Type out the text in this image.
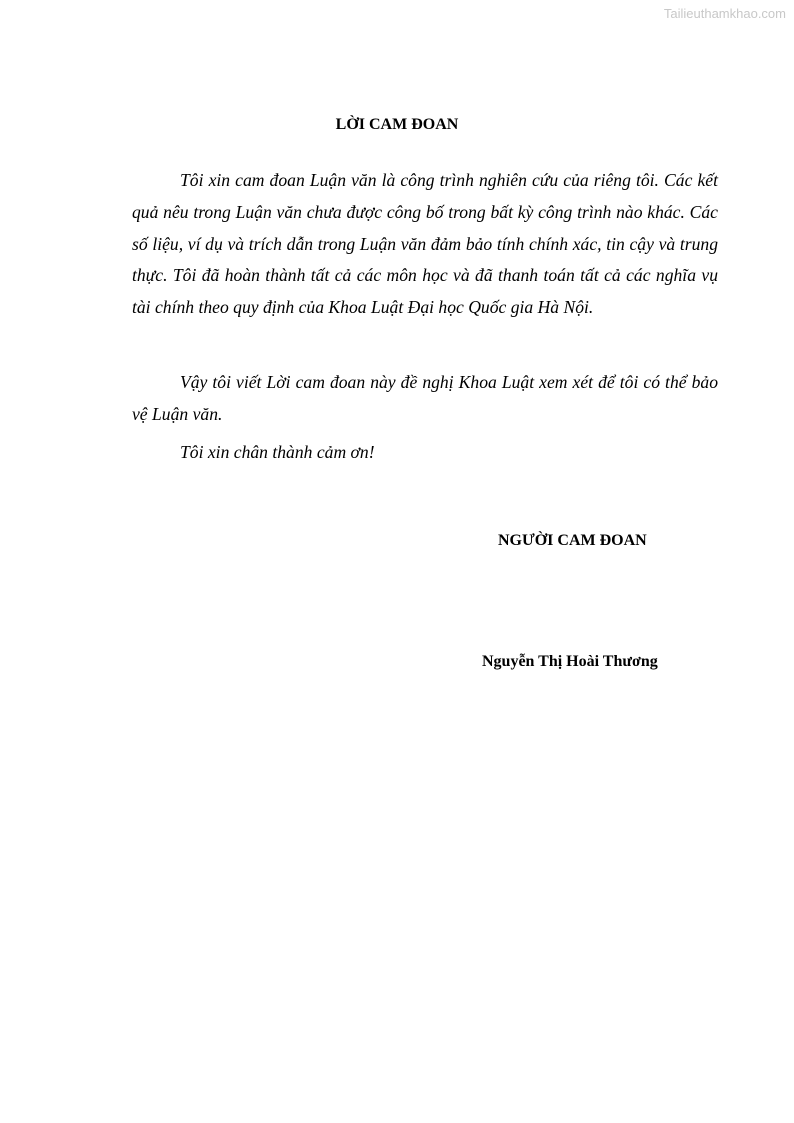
Tailieuthamkhao.com
LỜI CAM ĐOAN

Tôi xin cam đoan Luận văn là công trình nghiên cứu của riêng tôi. Các kết quả nêu trong Luận văn chưa được công bố trong bất kỳ công trình nào khác. Các số liệu, ví dụ và trích dẫn trong Luận văn đảm bảo tính chính xác, tin cậy và trung thực. Tôi đã hoàn thành tất cả các môn học và đã thanh toán tất cả các nghĩa vụ tài chính theo quy định của Khoa Luật Đại học Quốc gia Hà Nội.

Vậy tôi viết Lời cam đoan này đề nghị Khoa Luật xem xét để tôi có thể bảo vệ Luận văn.

Tôi xin chân thành cảm ơn!

NGƯỜI CAM ĐOAN
Nguyễn Thị Hoài Thương
